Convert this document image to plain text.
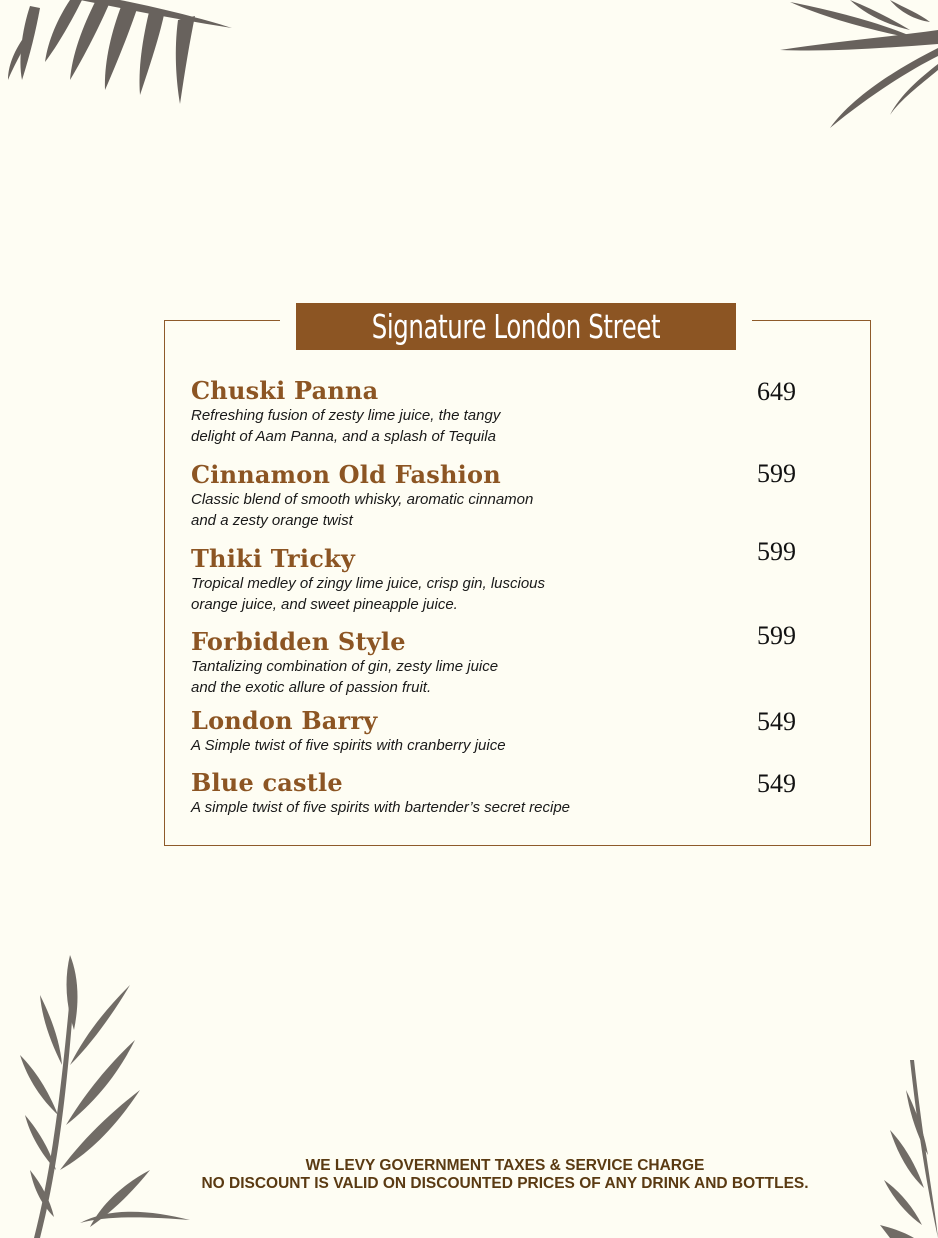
Signature London Street
Chuski Panna
Refreshing fusion of zesty lime juice, the tangy
delight of Aam Panna, and a splash of Tequila
649
Cinnamon Old Fashion
Classic blend of smooth whisky, aromatic cinnamon
and a zesty orange twist
599
Thiki Tricky
Tropical medley of zingy lime juice, crisp gin, luscious
orange juice, and sweet pineapple juice.
599
Forbidden Style
Tantalizing combination of gin, zesty lime juice
and the exotic allure of passion fruit.
599
London Barry
A Simple twist of five spirits with cranberry juice
549
Blue castle
A simple twist of five spirits with bartender’s secret recipe
549
WE LEVY GOVERNMENT TAXES & SERVICE CHARGE
NO DISCOUNT IS VALID ON DISCOUNTED PRICES OF ANY DRINK AND BOTTLES.
